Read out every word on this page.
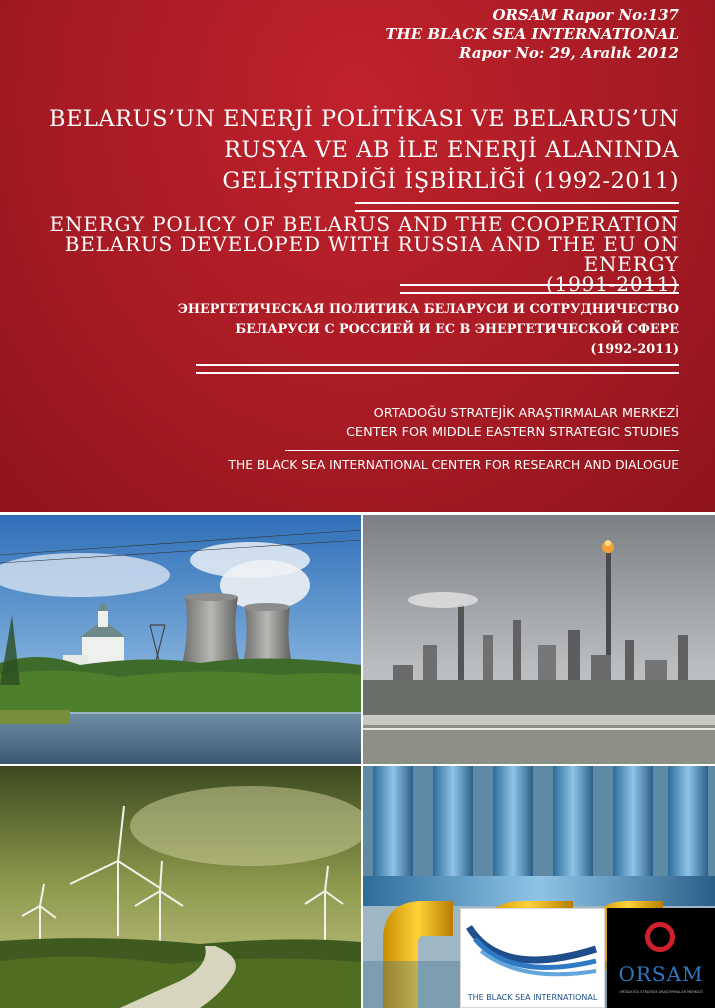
ORSAM Rapor No:137
THE BLACK SEA INTERNATIONAL
Rapor No: 29, Aralık 2012
BELARUS’UN ENERJİ POLİTİKASI VE BELARUS’UN
RUSYA VE AB İLE ENERJİ ALANINDA
GELİŞTİRDİĞİ İŞBİRLİĞİ (1992-2011)
ENERGY POLICY OF BELARUS AND THE COOPERATION
BELARUS DEVELOPED WITH RUSSIA AND THE EU ON ENERGY
(1991-2011)
ЭНЕРГЕТИЧЕСКАЯ ПОЛИТИКА БЕЛАРУСИ И СОТРУДНИЧЕСТВО
БЕЛАРУСИ С РОССИЕЙ И ЕС В ЭНЕРГЕТИЧЕСКОЙ СФЕРЕ
(1992-2011)
ORTADOĞU STRATEJİK ARAŞTIRMALAR MERKEZİ
CENTER FOR MIDDLE EASTERN STRATEGIC STUDIES
THE BLACK SEA INTERNATIONAL CENTER FOR RESEARCH AND DIALOGUE
THE BLACK SEA INTERNATIONAL
ORSAM
ORTADOĞU STRATEJİK ARAŞTIRMALAR MERKEZİ
